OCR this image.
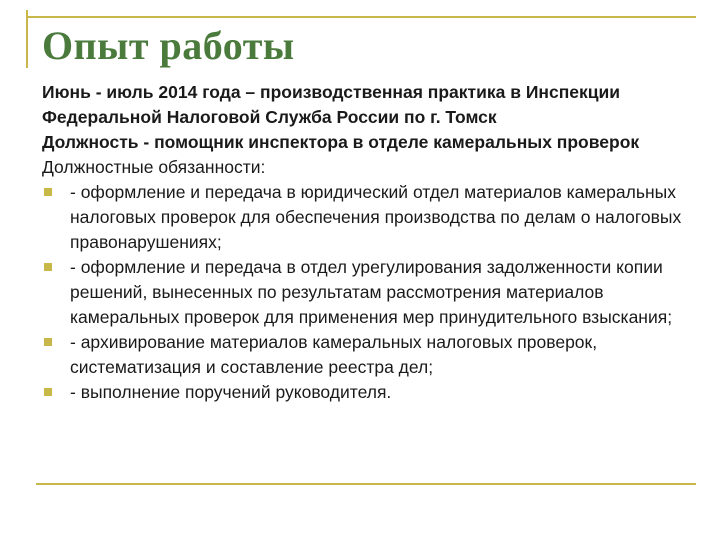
Опыт работы

Июнь - июль 2014 года – производственная практика в Инспекции Федеральной Налоговой Служба России по г. Томск

Должность - помощник инспектора в отделе камеральных проверок

Должностные обязанности:

- оформление и передача в юридический отдел материалов камеральных налоговых проверок для обеспечения производства по делам о налоговых правонарушениях;
- оформление и передача в отдел урегулирования задолженности копии решений, вынесенных по результатам рассмотрения материалов камеральных проверок для применения мер принудительного взыскания;
- архивирование материалов камеральных налоговых проверок, систематизация и составление реестра дел;
- выполнение поручений руководителя.
